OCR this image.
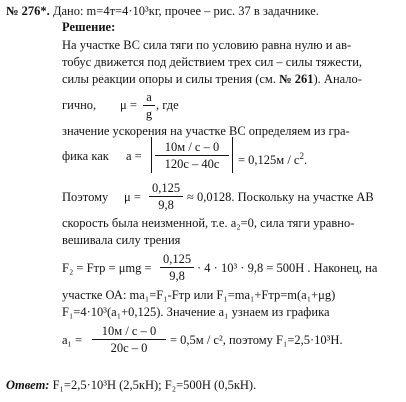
№ 276*. Дано: m=4т=4·10³кг, прочее – рис. 37 в задачнике.
Решение:
На участке ВС сила тяги по условию равна нулю и ав-
тобус движется под действием трех сил – силы тяжести,
силы реакции опоры и силы трения (см. № 261). Анало-
гично, μ =
a
g
, где
значение ускорения на участке ВС определяем из гра-
фика как a =
10м / с – 0
120с – 40с	= $0,125м / с^2$.
Поэтому μ =
0,125
9,8
≈ 0,0128. Поскольку на участке АВ
скорость была неизменной, т.е. a₂=0, сила тяги уравно-
вешивала силу трения
F₂ = Fтр = μmg =
0,125
9,8
· 4 · 10³ · 9,8 = 500Н . Наконец, на
участке ОА: ma₁=F₁-Fтр или F₁=ma₁+Fтр=m(a₁+μg)
F₁=4·10³(a₁+0,125). Значение a₁ узнаем из графика
a₁ =
10м / с – 0
20с – 0
= 0,5м / с², поэтому F₁=2,5·10³Н.
Ответ: F₁=2,5·10³Н (2,5кН); F₂=500Н (0,5кН).
